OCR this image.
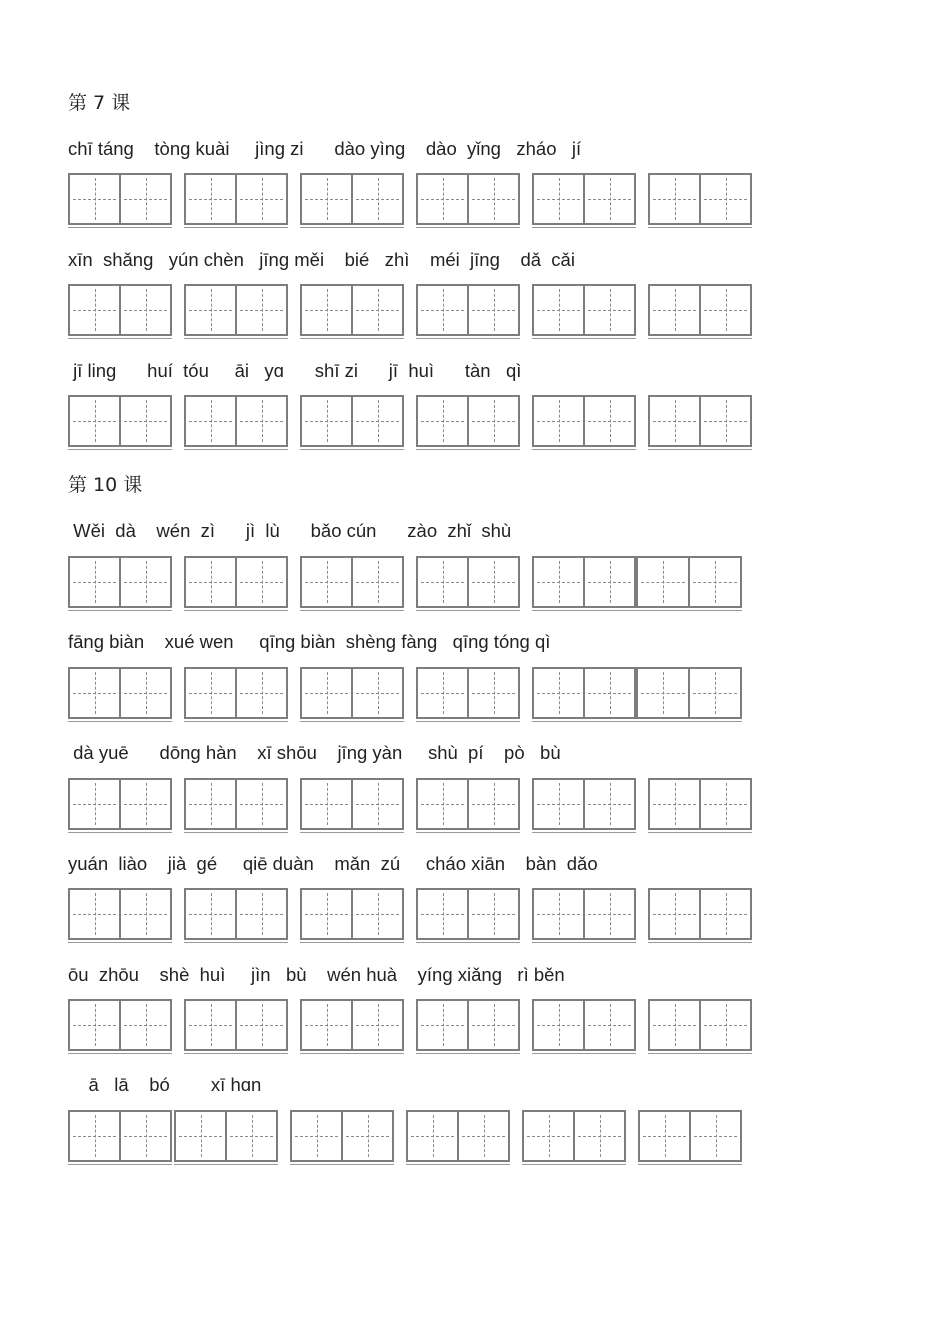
第 7 课
chī táng    tòng kuài     jìng zi      dào yìng    dào  yǐng   zháo   jí
xīn  shǎng   yún chèn   jīng měi    bié   zhì    méi  jīng    dǎ  cǎi
jī ling      huí  tóu     āi   yɑ      shī zi      jī  huì      tàn   qì
第 10 课
Wěi  dà    wén  zì      jì  lù      bǎo cún      zào  zhǐ  shù
fāng biàn    xué wen     qīng biàn  shèng fàng   qīng tóng qì
dà yuē      dōng hàn    xī shōu    jīng yàn     shù  pí    pò   bù
yuán  liào    jià  gé     qiē duàn    mǎn  zú     cháo xiān    bàn  dǎo
ōu  zhōu    shè  huì     jìn   bù    wén huà    yíng xiǎng   rì běn
ā   lā    bó        xī hɑn
